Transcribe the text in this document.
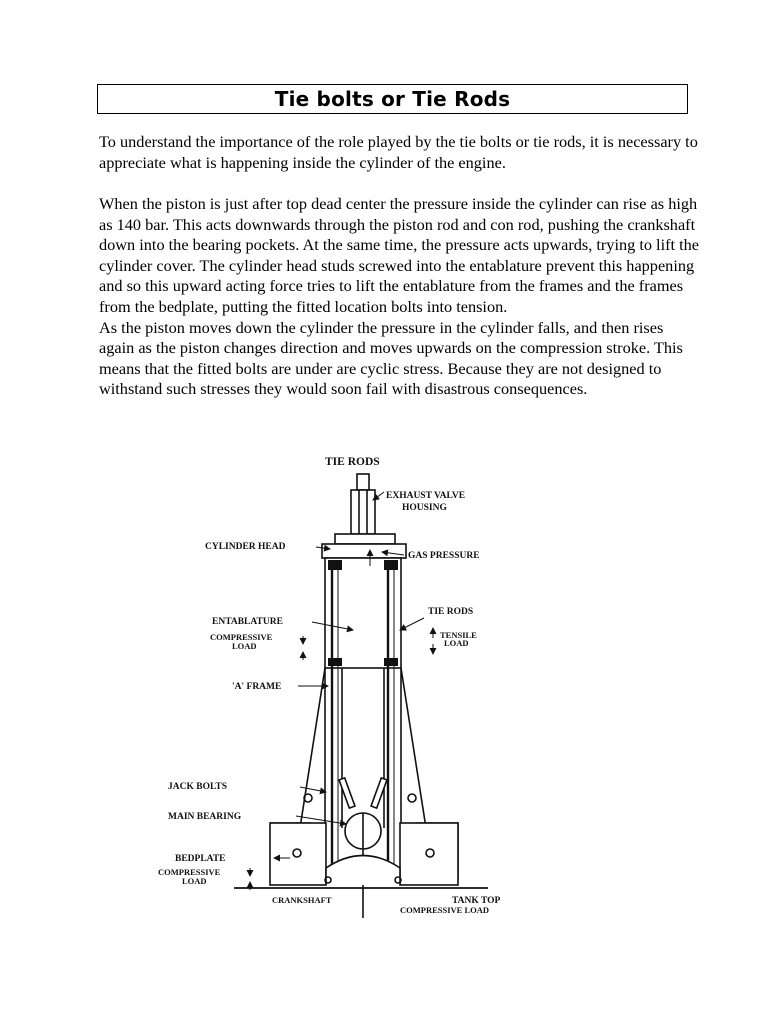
Tie bolts or Tie Rods

To understand the importance of the role played by the tie bolts or tie rods, it is necessary to appreciate what is happening inside the cylinder of the engine.

When the piston is just after top dead center the pressure inside the cylinder can rise as high as 140 bar. This acts downwards through the piston rod and con rod, pushing the crankshaft down into the bearing pockets. At the same time, the pressure acts upwards, trying to lift the cylinder cover. The cylinder head studs screwed into the entablature prevent this happening and so this upward acting force tries to lift the entablature from the frames and the frames from the bedplate, putting the fitted location bolts into tension.

As the piston moves down the cylinder the pressure in the cylinder falls, and then rises again as the piston changes direction and moves upwards on the compression stroke. This means that the fitted bolts are under are cyclic stress. Because they are not designed to withstand such stresses they would soon fail with disastrous consequences.

TIE RODS
EXHAUST VALVE
HOUSING
CYLINDER HEAD
GAS PRESSURE
ENTABLATURE
TIE RODS
COMPRESSIVE
LOAD
TENSILE
LOAD
'A' FRAME
JACK BOLTS
MAIN BEARING
BEDPLATE
COMPRESSIVE
LOAD
CRANKSHAFT	TANK TOP
COMPRESSIVE LOAD
